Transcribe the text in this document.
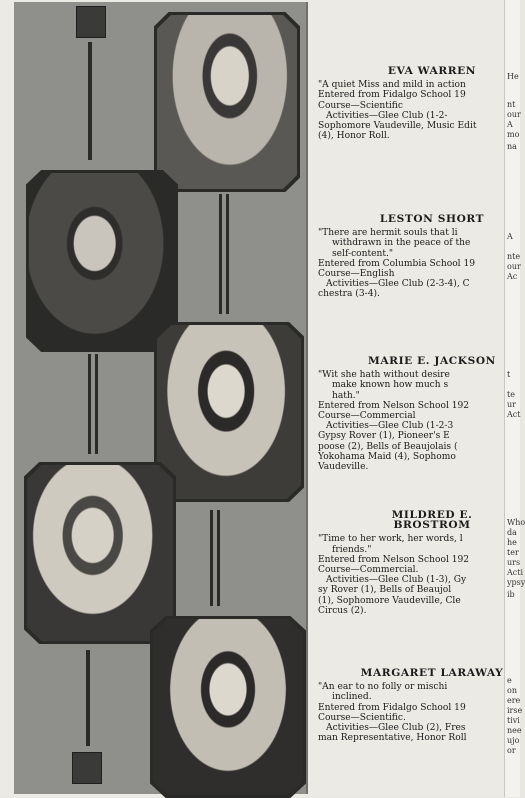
EVA WARREN

"A quiet Miss and mild in action

Entered from Fidalgo School 19

Course—Scientific

Activities—Glee Club (1-2-

Sophomore Vaudeville, Music Edit

(4), Honor Roll.

LESTON SHORT

"There are hermit souls that li

withdrawn in the peace of the

self-content."

Entered from Columbia School 19

Course—English

Activities—Glee Club (2-3-4), C

chestra (3-4).

MARIE E. JACKSON

"Wit she hath without desire

make known how much s

hath."

Entered from Nelson School 192

Course—Commercial

Activities—Glee Club (1-2-3

Gypsy Rover (1), Pioneer's E

poose (2), Bells of Beaujolais (

Yokohama Maid (4), Sophomo

Vaudeville.

MILDRED E. BROSTROM

"Time to her work, her words, l

friends."

Entered from Nelson School 192

Course—Commercial.

Activities—Glee Club (1-3), Gy

sy Rover (1), Bells of Beaujol

(1), Sophomore Vaudeville, Cle

Circus (2).

MARGARET LARAWAY

"An ear to no folly or mischi

inclined.

Entered from Fidalgo School 19

Course—Scientific.

Activities—Glee Club (2), Fres

man Representative, Honor Roll

He
nt
our
A
mo
na
A
nte
our
Ac
t
te
ur
Act
Who
da
he
ter
urs
Acti
ypsy
ib
e
on
ere
irse
tivi
nee
ujo
or
